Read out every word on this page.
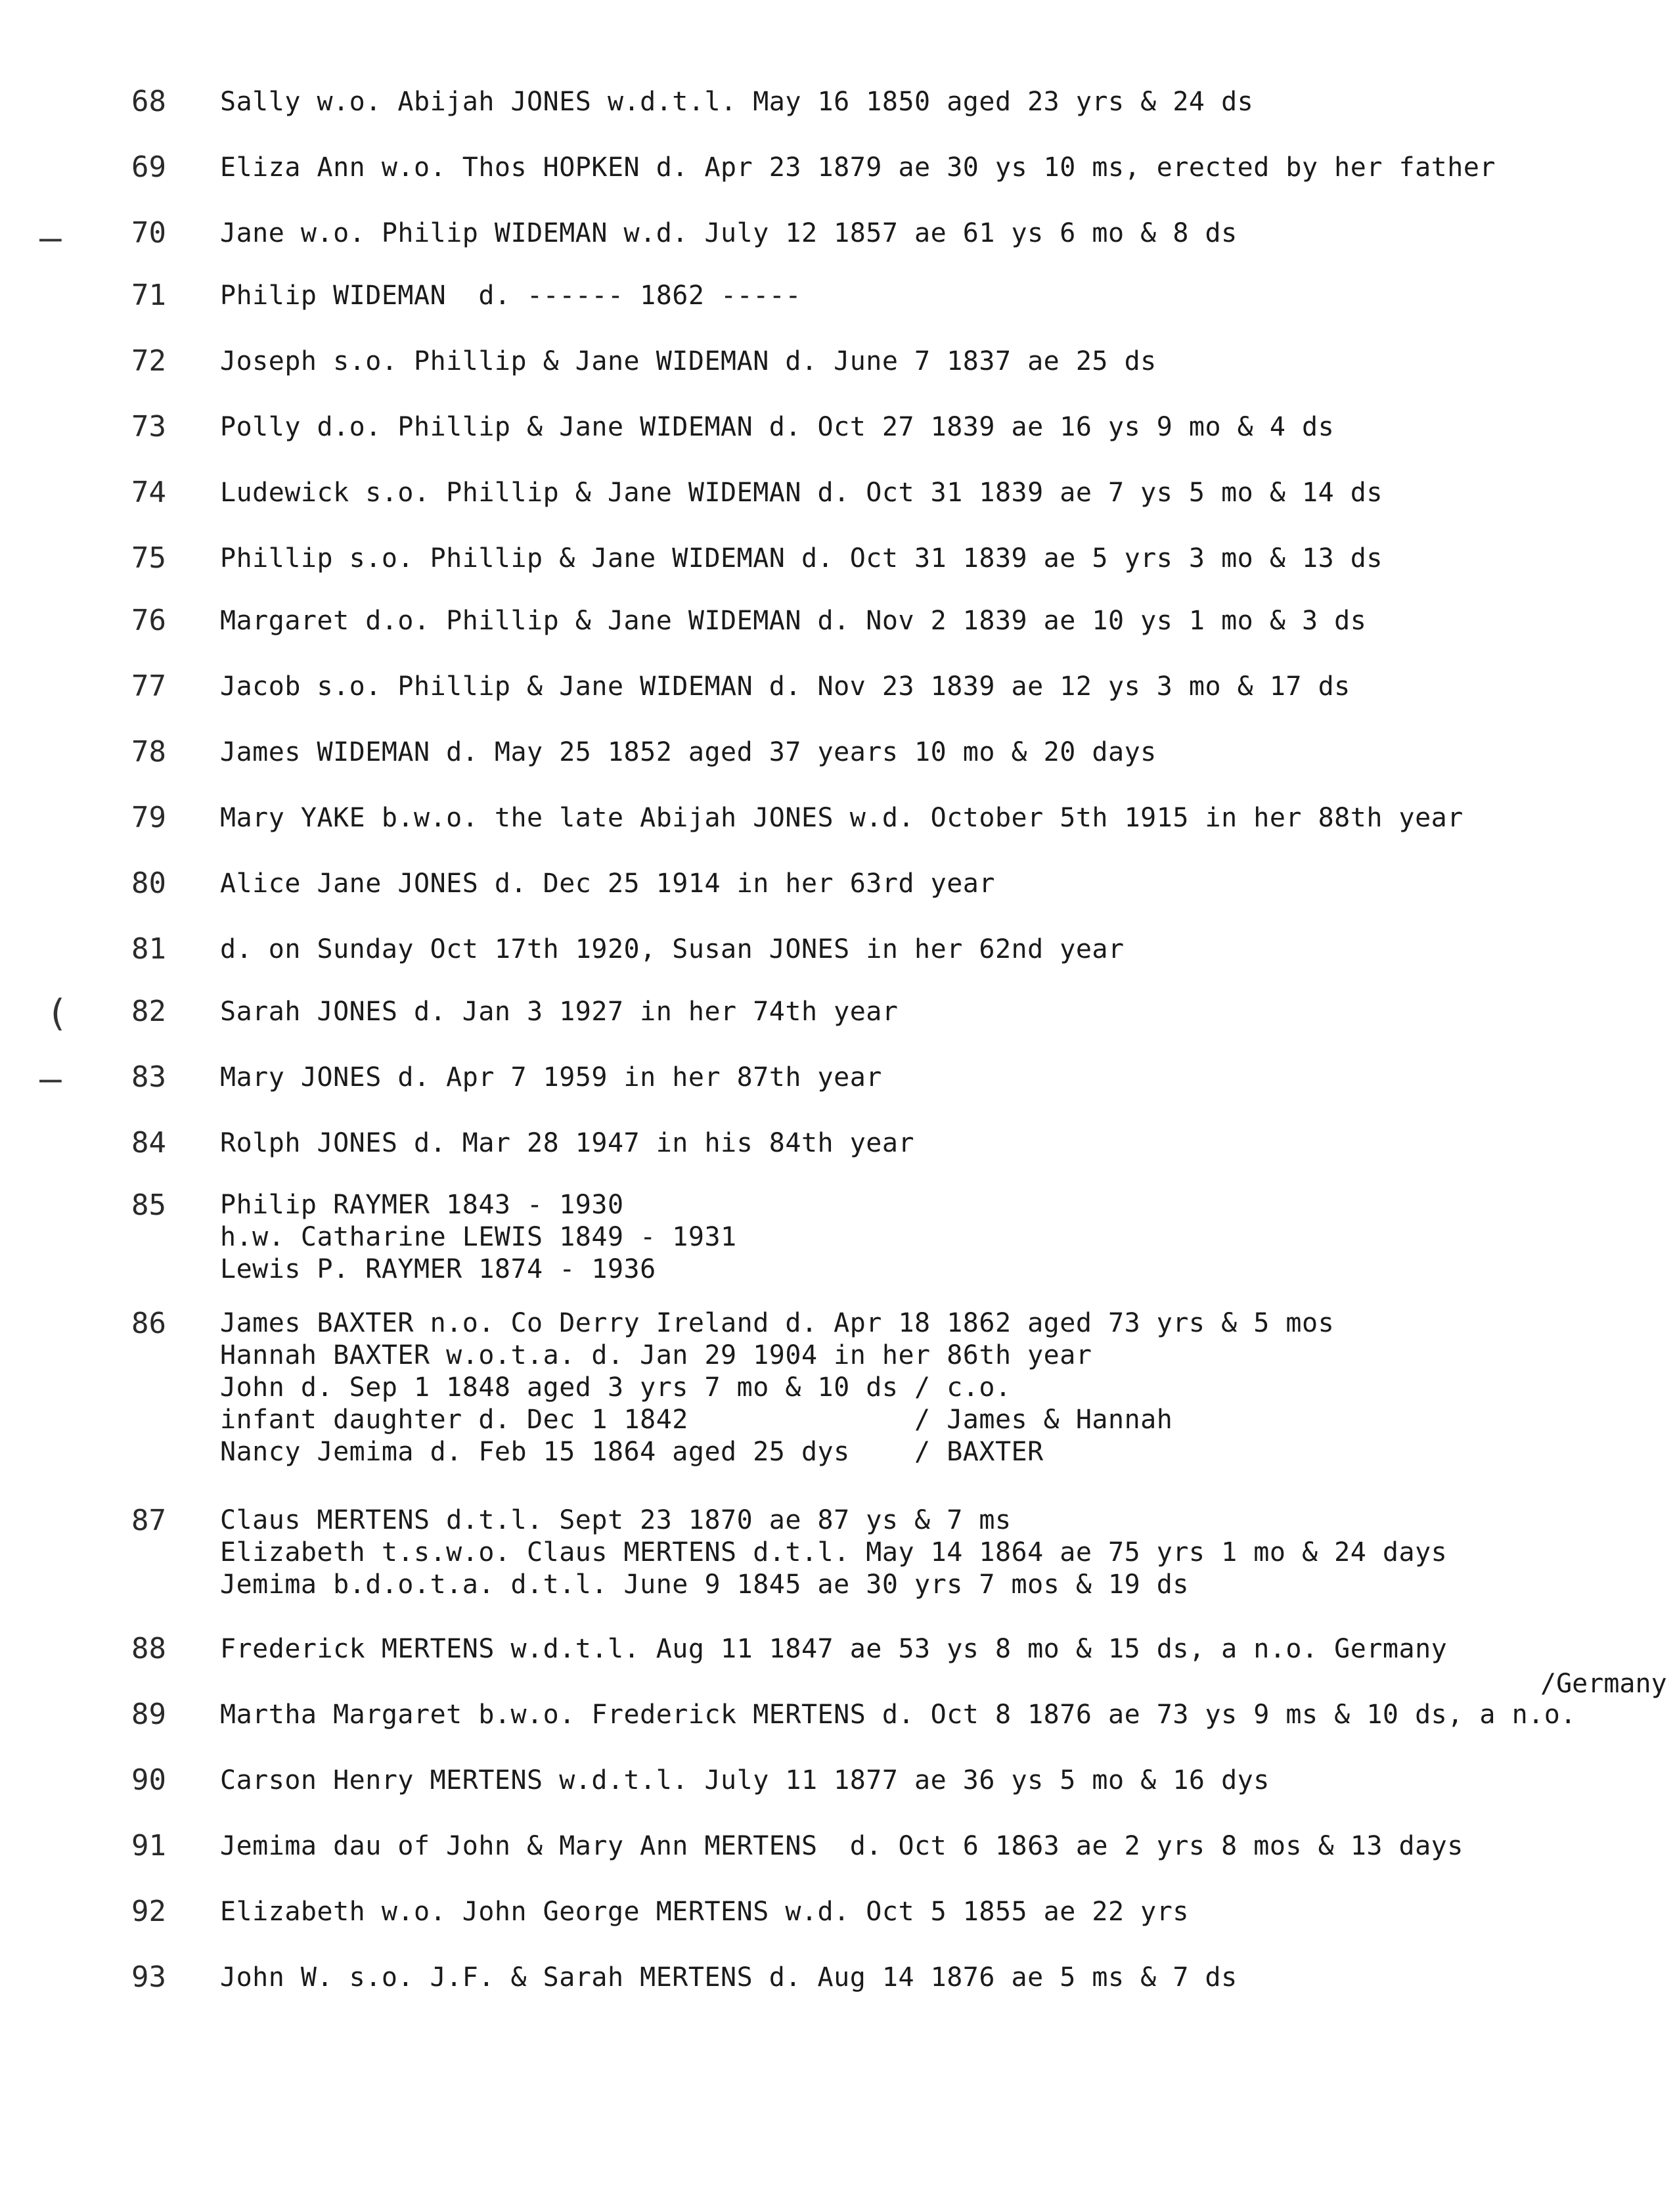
68	Sally w.o. Abijah JONES w.d.t.l. May 16 1850 aged 23 yrs & 24 ds
69	Eliza Ann w.o. Thos HOPKEN d. Apr 23 1879 ae 30 ys 10 ms, erected by her father
70	Jane w.o. Philip WIDEMAN w.d. July 12 1857 ae 61 ys 6 mo & 8 ds
71	Philip WIDEMAN  d. ------ 1862 -----
72	Joseph s.o. Phillip & Jane WIDEMAN d. June 7 1837 ae 25 ds
73	Polly d.o. Phillip & Jane WIDEMAN d. Oct 27 1839 ae 16 ys 9 mo & 4 ds
74	Ludewick s.o. Phillip & Jane WIDEMAN d. Oct 31 1839 ae 7 ys 5 mo & 14 ds
75	Phillip s.o. Phillip & Jane WIDEMAN d. Oct 31 1839 ae 5 yrs 3 mo & 13 ds
76	Margaret d.o. Phillip & Jane WIDEMAN d. Nov 2 1839 ae 10 ys 1 mo & 3 ds
77	Jacob s.o. Phillip & Jane WIDEMAN d. Nov 23 1839 ae 12 ys 3 mo & 17 ds
78	James WIDEMAN d. May 25 1852 aged 37 years 10 mo & 20 days
79	Mary YAKE b.w.o. the late Abijah JONES w.d. October 5th 1915 in her 88th year
80	Alice Jane JONES d. Dec 25 1914 in her 63rd year
81	d. on Sunday Oct 17th 1920, Susan JONES in her 62nd year
82	Sarah JONES d. Jan 3 1927 in her 74th year
83	Mary JONES d. Apr 7 1959 in her 87th year
84	Rolph JONES d. Mar 28 1947 in his 84th year
85	Philip RAYMER 1843 - 1930
h.w. Catharine LEWIS 1849 - 1931
Lewis P. RAYMER 1874 - 1936
86	James BAXTER n.o. Co Derry Ireland d. Apr 18 1862 aged 73 yrs & 5 mos
Hannah BAXTER w.o.t.a. d. Jan 29 1904 in her 86th year
John d. Sep 1 1848 aged 3 yrs 7 mo & 10 ds / c.o.
infant daughter d. Dec 1 1842              / James & Hannah
Nancy Jemima d. Feb 15 1864 aged 25 dys    / BAXTER
87	Claus MERTENS d.t.l. Sept 23 1870 ae 87 ys & 7 ms
Elizabeth t.s.w.o. Claus MERTENS d.t.l. May 14 1864 ae 75 yrs 1 mo & 24 days
Jemima b.d.o.t.a. d.t.l. June 9 1845 ae 30 yrs 7 mos & 19 ds
88	Frederick MERTENS w.d.t.l. Aug 11 1847 ae 53 ys 8 mo & 15 ds, a n.o. Germany
89	Martha Margaret b.w.o. Frederick MERTENS d. Oct 8 1876 ae 73 ys 9 ms & 10 ds, a n.o.
/Germany
90	Carson Henry MERTENS w.d.t.l. July 11 1877 ae 36 ys 5 mo & 16 dys
91	Jemima dau of John & Mary Ann MERTENS  d. Oct 6 1863 ae 2 yrs 8 mos & 13 days
92	Elizabeth w.o. John George MERTENS w.d. Oct 5 1855 ae 22 yrs
93	John W. s.o. J.F. & Sarah MERTENS d. Aug 14 1876 ae 5 ms & 7 ds
—
(
—
